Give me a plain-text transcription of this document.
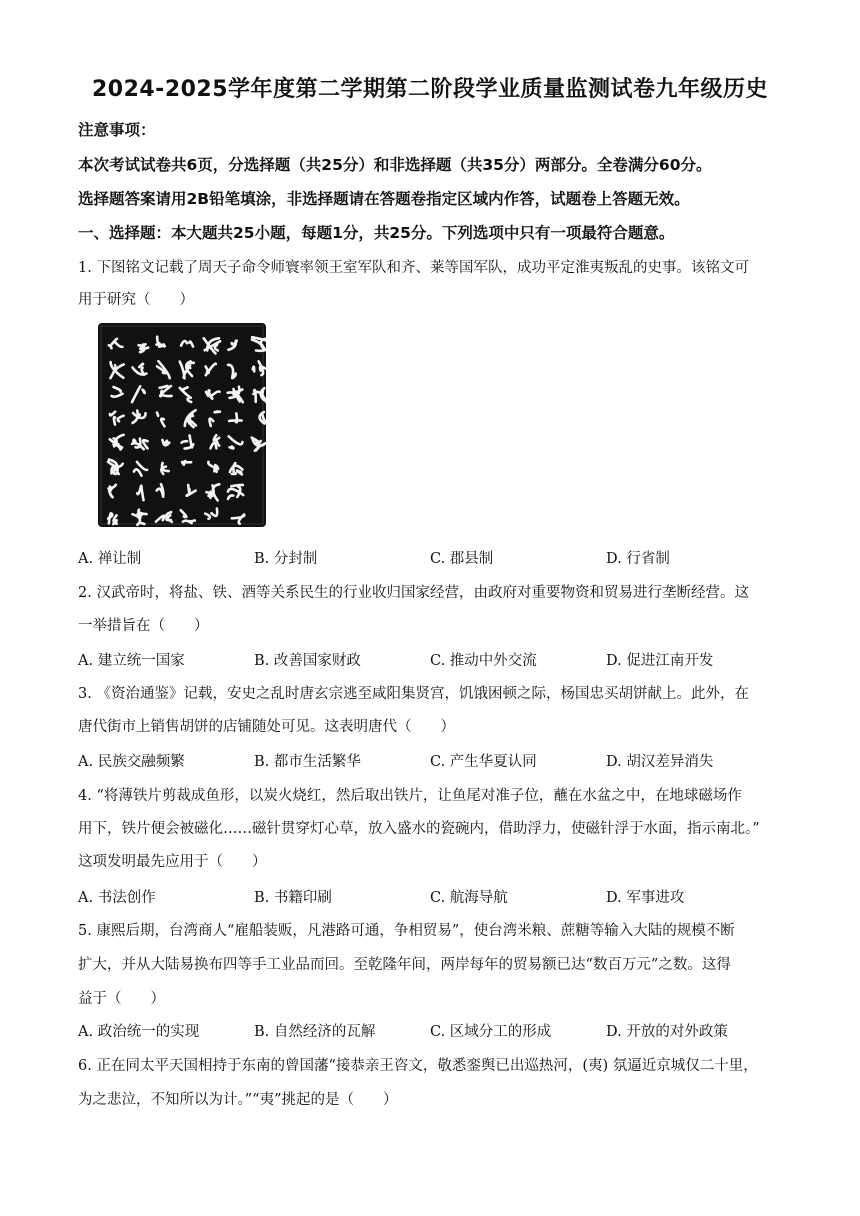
2024-2025学年度第二学期第二阶段学业质量监测试卷九年级历史
注意事项：
本次考试试卷共6页，分选择题（共25分）和非选择题（共35分）两部分。全卷满分60分。
选择题答案请用2B铅笔填涂，非选择题请在答题卷指定区域内作答，试题卷上答题无效。
一、选择题：本大题共25小题，每题1分，共25分。下列选项中只有一项最符合题意。
1. 下图铭文记载了周天子命令师寰率领王室军队和齐、莱等国军队，成功平定淮夷叛乱的史事。该铭文可
用于研究（　　）
A. 禅让制	B. 分封制	C. 郡县制	D. 行省制
2. 汉武帝时，将盐、铁、酒等关系民生的行业收归国家经营，由政府对重要物资和贸易进行垄断经营。这
一举措旨在（　　）
A. 建立统一国家	B. 改善国家财政	C. 推动中外交流	D. 促进江南开发
3. 《资治通鉴》记载，安史之乱时唐玄宗逃至咸阳集贤宫，饥饿困顿之际，杨国忠买胡饼献上。此外，在
唐代街市上销售胡饼的店铺随处可见。这表明唐代（　　）
A. 民族交融频繁	B. 都市生活繁华	C. 产生华夏认同	D. 胡汉差异消失
4. “将薄铁片剪裁成鱼形，以炭火烧红，然后取出铁片，让鱼尾对准子位，蘸在水盆之中，在地球磁场作
用下，铁片便会被磁化……磁针贯穿灯心草，放入盛水的瓷碗内，借助浮力，使磁针浮于水面，指示南北。”
这项发明最先应用于（　　）
A. 书法创作	B. 书籍印刷	C. 航海导航	D. 军事进攻
5. 康熙后期，台湾商人“雇船装贩，凡港路可通，争相贸易”，使台湾米粮、蔗糖等输入大陆的规模不断
扩大，并从大陆易换布四等手工业品而回。至乾隆年间，两岸每年的贸易额已达“数百万元”之数。这得
益于（　　）
A. 政治统一的实现	B. 自然经济的瓦解	C. 区域分工的形成	D. 开放的对外政策
6. 正在同太平天国相持于东南的曾国藩“接恭亲王咨文，敬悉銮舆已出巡热河，(夷) 氛逼近京城仅二十里，
为之悲泣，不知所以为计。”“夷”挑起的是（　　）
